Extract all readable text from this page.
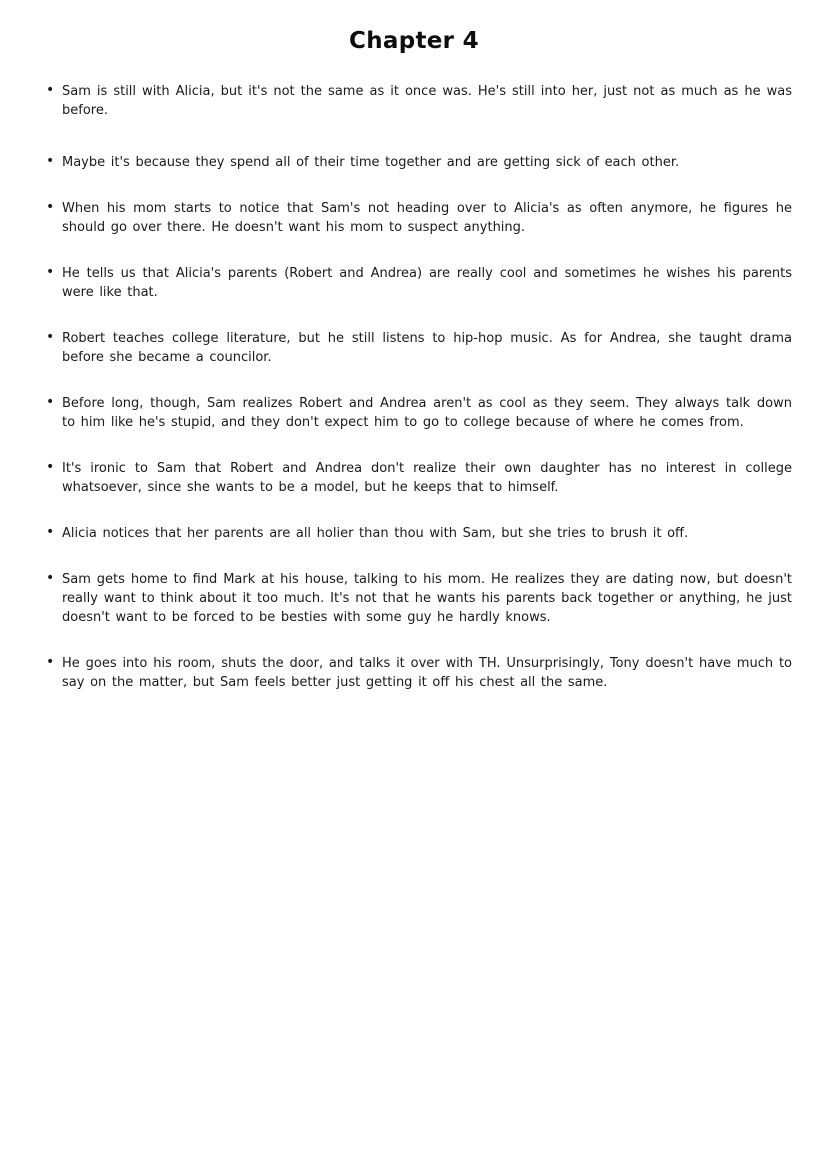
Chapter 4
• Sam is still with Alicia, but it's not the same as it once was. He's still into her, just not as much as he was before.
• Maybe it's because they spend all of their time together and are getting sick of each other.
• When his mom starts to notice that Sam's not heading over to Alicia's as often anymore, he figures he should go over there. He doesn't want his mom to suspect anything.
• He tells us that Alicia's parents (Robert and Andrea) are really cool and sometimes he wishes his parents were like that.
• Robert teaches college literature, but he still listens to hip-hop music. As for Andrea, she taught drama before she became a councilor.
• Before long, though, Sam realizes Robert and Andrea aren't as cool as they seem. They always talk down to him like he's stupid, and they don't expect him to go to college because of where he comes from.
• It's ironic to Sam that Robert and Andrea don't realize their own daughter has no interest in college whatsoever, since she wants to be a model, but he keeps that to himself.
• Alicia notices that her parents are all holier than thou with Sam, but she tries to brush it off.
• Sam gets home to find Mark at his house, talking to his mom. He realizes they are dating now, but doesn't really want to think about it too much. It's not that he wants his parents back together or anything, he just doesn't want to be forced to be besties with some guy he hardly knows.
• He goes into his room, shuts the door, and talks it over with TH. Unsurprisingly, Tony doesn't have much to say on the matter, but Sam feels better just getting it off his chest all the same.
